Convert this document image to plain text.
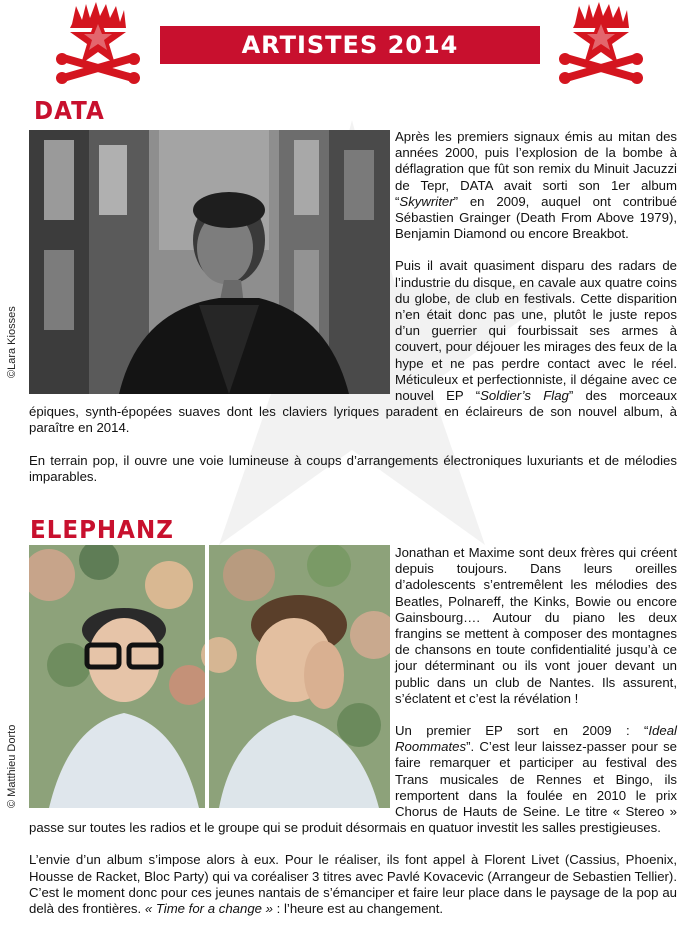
ARTISTES 2014
DATA
©Lara Kiosses

Après les premiers signaux émis au mitan des années 2000, puis l’explosion de la bombe à déflagration que fût son remix du Minuit Jacuzzi de Tepr, DATA avait sorti son 1er album “Skywriter” en 2009, auquel ont contribué Sébastien Grainger (Death From Above 1979), Benjamin Diamond ou encore Breakbot.

Puis il avait quasiment disparu des radars de l’industrie du disque, en cavale aux quatre coins du globe, de club en festivals. Cette disparition n’en était donc pas une, plutôt le juste repos d’un guerrier qui fourbissait ses armes à couvert, pour déjouer les mirages des feux de la hype et ne pas perdre contact avec le réel. Méticuleux et perfectionniste, il dégaine avec ce nouvel EP “Soldier’s Flag” des morceaux épiques, synth-épopées suaves dont les claviers lyriques paradent en éclaireurs de son nouvel album, à paraître en 2014.

En terrain pop, il ouvre une voie lumineuse à coups d’arrangements électroniques luxuriants et de mélodies imparables.

ELEPHANZ
© Matthieu Dorto

Jonathan et Maxime sont deux frères qui créent depuis toujours. Dans leurs oreilles d’adolescents s’entremêlent les mélodies des Beatles, Polnareff, the Kinks, Bowie ou encore Gainsbourg…. Autour du piano les deux frangins se mettent à composer des montagnes de chansons en toute confidentialité jusqu’à ce jour déterminant ou ils vont jouer devant un public dans un club de Nantes. Ils assurent, s’éclatent et c’est la révélation !

Un premier EP sort en 2009 : “Ideal Roommates”. C’est leur laissez-passer pour se faire remarquer et participer au festival des Trans musicales de Rennes et Bingo, ils remportent dans la foulée en 2010 le prix Chorus de Hauts de Seine. Le titre « Stereo » passe sur toutes les radios et le groupe qui se produit désormais en quatuor investit les salles prestigieuses.

L’envie d’un album s’impose alors à eux. Pour le réaliser, ils font appel à Florent Livet (Cassius, Phoenix, Housse de Racket, Bloc Party) qui va coréaliser 3 titres avec Pavlé Kovacevic (Arrangeur de Sebastien Tellier). C’est le moment donc pour ces jeunes nantais de s’émanciper et faire leur place dans le paysage de la pop au delà des frontières. « Time for a change » : l’heure est au changement.
